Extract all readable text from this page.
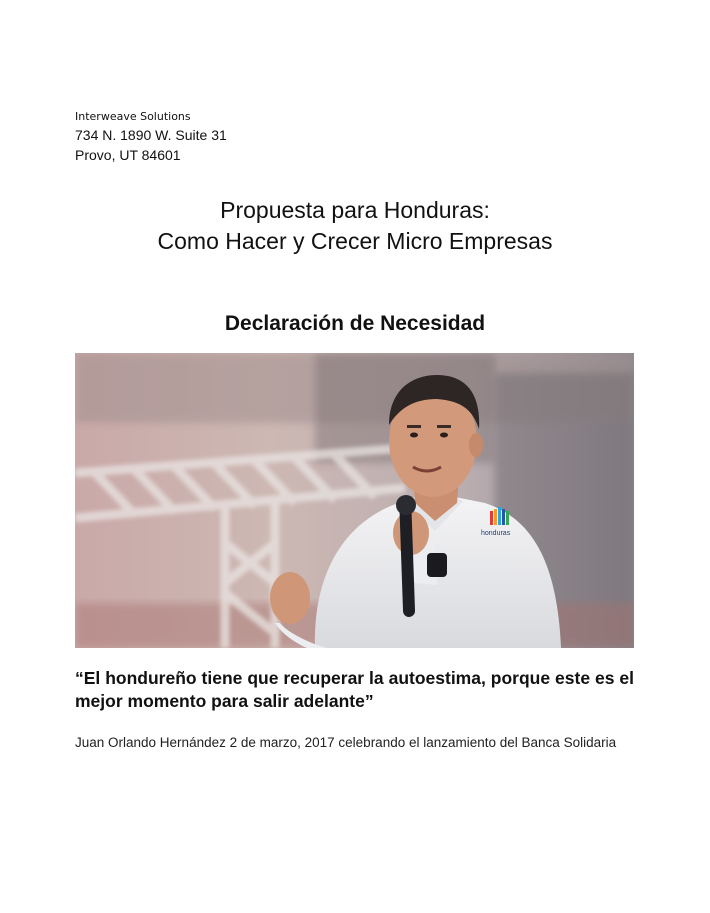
Interweave Solutions
734 N. 1890 W. Suite 31
Provo, UT 84601
Propuesta para Honduras:
Como Hacer y Crecer Micro Empresas
Declaración de Necesidad
honduras
“El hondureño tiene que recuperar la autoestima, porque este es el mejor momento para salir adelante”
Juan Orlando Hernández 2 de marzo, 2017 celebrando el lanzamiento del Banca Solidaria
